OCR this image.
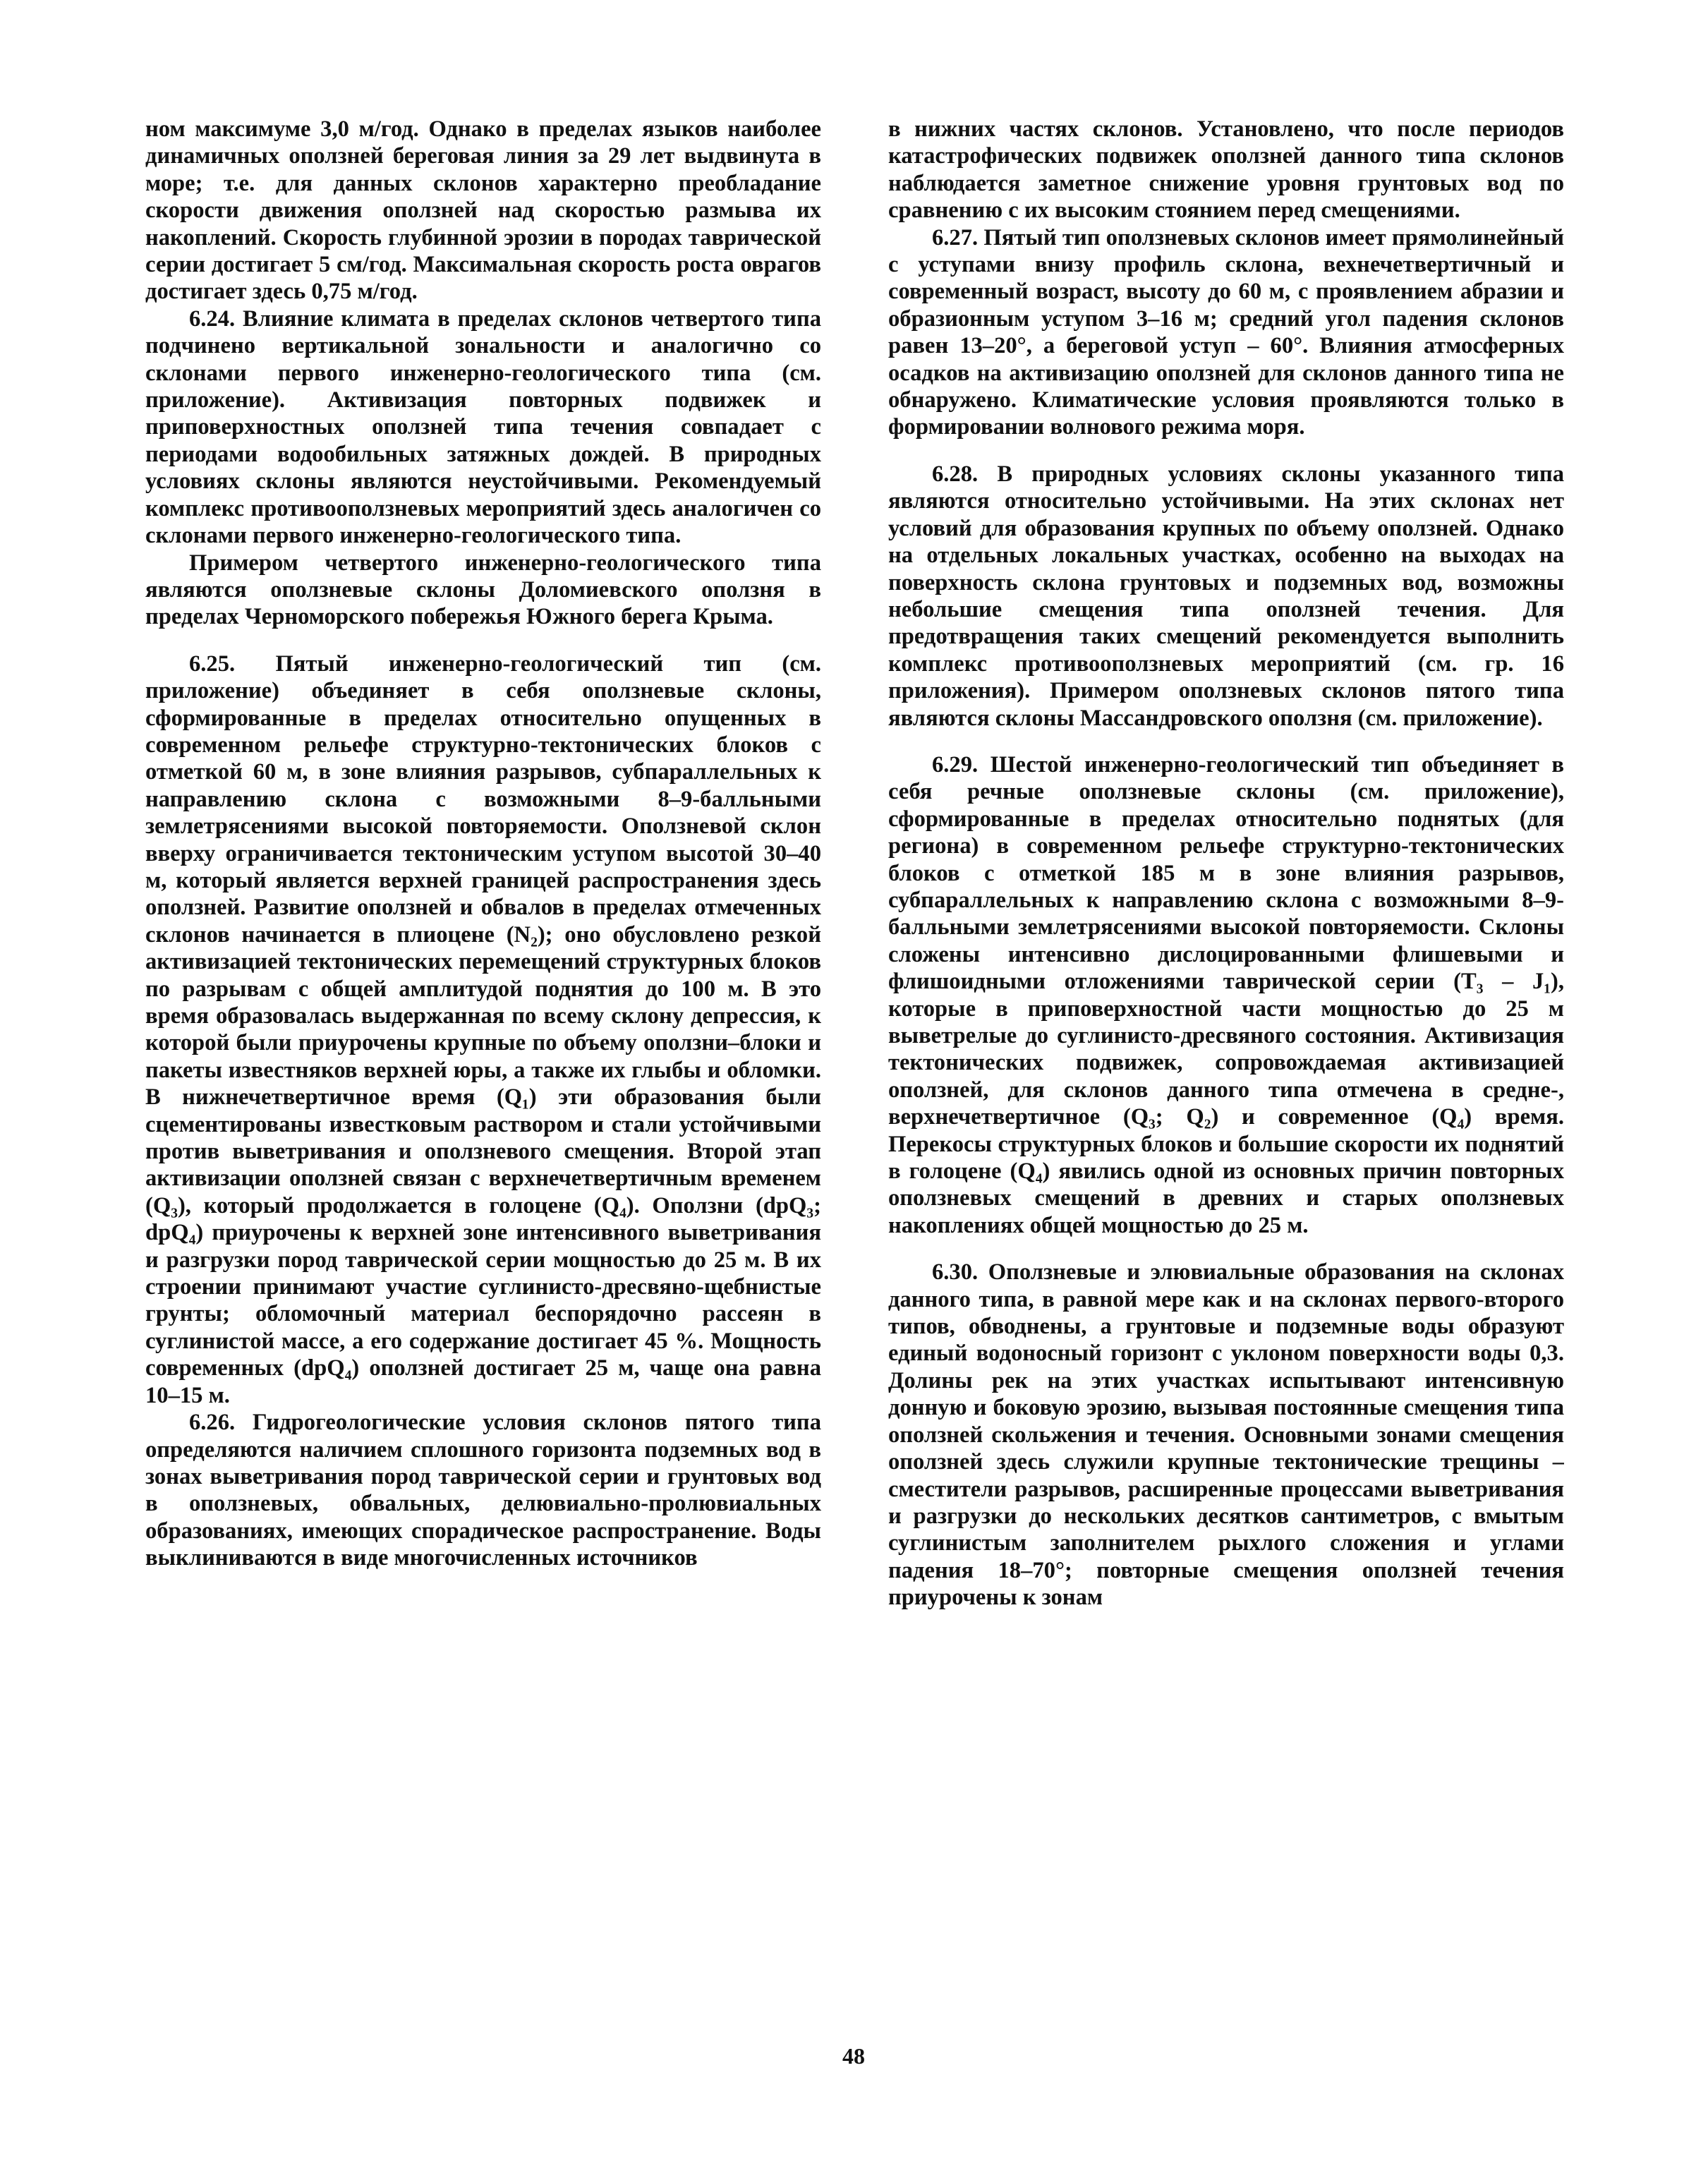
ном максимуме 3,0 м/год. Однако в пределах языков наиболее динамичных оползней береговая линия за 29 лет выдвинута в море; т.е. для данных склонов характерно преобладание скорости движения оползней над скоростью размыва их накоплений. Скорость глубинной эрозии в породах таврической серии достигает 5 см/год. Максимальная скорость роста оврагов достигает здесь 0,75 м/год.

6.24. Влияние климата в пределах склонов четвертого типа подчинено вертикальной зональности и аналогично со склонами первого инженерно-геологического типа (см. приложение). Активизация повторных подвижек и приповерхностных оползней типа течения совпадает с периодами водообильных затяжных дождей. В природных условиях склоны являются неустойчивыми. Рекомендуемый комплекс противооползневых мероприятий здесь аналогичен со склонами первого инженерно-геологического типа.

Примером четвертого инженерно-геологического типа являются оползневые склоны Доломиевского оползня в пределах Черноморского побережья Южного берега Крыма.

6.25. Пятый инженерно-геологический тип (см. приложение) объединяет в себя оползневые склоны, сформированные в пределах относительно опущенных в современном рельефе структурно-тектонических блоков с отметкой 60 м, в зоне влияния разрывов, субпараллельных к направлению склона с возможными 8–9-балльными землетрясениями высокой повторяемости. Оползневой склон вверху ограничивается тектоническим уступом высотой 30–40 м, который является верхней границей распространения здесь оползней. Развитие оползней и обвалов в пределах отмеченных склонов начинается в плиоцене (N₂); оно обусловлено резкой активизацией тектонических перемещений структурных блоков по разрывам с общей амплитудой поднятия до 100 м. В это время образовалась выдержанная по всему склону депрессия, к которой были приурочены крупные по объему оползни–блоки и пакеты известняков верхней юры, а также их глыбы и обломки. В нижнечетвертичное время (Q₁) эти образования были сцементированы известковым раствором и стали устойчивыми против выветривания и оползневого смещения. Второй этап активизации оползней связан с верхнечетвертичным временем (Q₃), который продолжается в голоцене (Q₄). Оползни (dpQ₃; dpQ₄) приурочены к верхней зоне интенсивного выветривания и разгрузки пород таврической серии мощностью до 25 м. В их строении принимают участие суглинисто-дресвяно-щебнистые грунты; обломочный материал беспорядочно рассеян в суглинистой массе, а его содержание достигает 45 %. Мощность современных (dpQ₄) оползней достигает 25 м, чаще она равна 10–15 м.

6.26. Гидрогеологические условия склонов пятого типа определяются наличием сплошного горизонта подземных вод в зонах выветривания пород таврической серии и грунтовых вод в оползневых, обвальных, делювиально-пролювиальных образованиях, имеющих спорадическое распространение. Воды выклиниваются в виде многочисленных источников

в нижних частях склонов. Установлено, что после периодов катастрофических подвижек оползней данного типа склонов наблюдается заметное снижение уровня грунтовых вод по сравнению с их высоким стоянием перед смещениями.

6.27. Пятый тип оползневых склонов имеет прямолинейный с уступами внизу профиль склона, вехнечетвертичный и современный возраст, высоту до 60 м, с проявлением абразии и образионным уступом 3–16 м; средний угол падения склонов равен 13–20°, а береговой уступ – 60°. Влияния атмосферных осадков на активизацию оползней для склонов данного типа не обнаружено. Климатические условия проявляются только в формировании волнового режима моря.

6.28. В природных условиях склоны указанного типа являются относительно устойчивыми. На этих склонах нет условий для образования крупных по объему оползней. Однако на отдельных локальных участках, особенно на выходах на поверхность склона грунтовых и подземных вод, возможны небольшие смещения типа оползней течения. Для предотвращения таких смещений рекомендуется выполнить комплекс противооползневых мероприятий (см. гр. 16 приложения). Примером оползневых склонов пятого типа являются склоны Массандровского оползня (см. приложение).

6.29. Шестой инженерно-геологический тип объединяет в себя речные оползневые склоны (см. приложение), сформированные в пределах относительно поднятых (для региона) в современном рельефе структурно-тектонических блоков с отметкой 185 м в зоне влияния разрывов, субпараллельных к направлению склона с возможными 8–9-балльными землетрясениями высокой повторяемости. Склоны сложены интенсивно дислоцированными флишевыми и флишоидными отложениями таврической серии (T₃ – J₁), которые в приповерхностной части мощностью до 25 м выветрелые до суглинисто-дресвяного состояния. Активизация тектонических подвижек, сопровождаемая активизацией оползней, для склонов данного типа отмечена в средне-, верхнечетвертичное (Q₃; Q₂) и современное (Q₄) время. Перекосы структурных блоков и большие скорости их поднятий в голоцене (Q₄) явились одной из основных причин повторных оползневых смещений в древних и старых оползневых накоплениях общей мощностью до 25 м.

6.30. Оползневые и элювиальные образования на склонах данного типа, в равной мере как и на склонах первого-второго типов, обводнены, а грунтовые и подземные воды образуют единый водоносный горизонт с уклоном поверхности воды 0,3. Долины рек на этих участках испытывают интенсивную донную и боковую эрозию, вызывая постоянные смещения типа оползней скольжения и течения. Основными зонами смещения оползней здесь служили крупные тектонические трещины – сместители разрывов, расширенные процессами выветривания и разгрузки до нескольких десятков сантиметров, с вмытым суглинистым заполнителем рыхлого сложения и углами падения 18–70°; повторные смещения оползней течения приурочены к зонам

48
